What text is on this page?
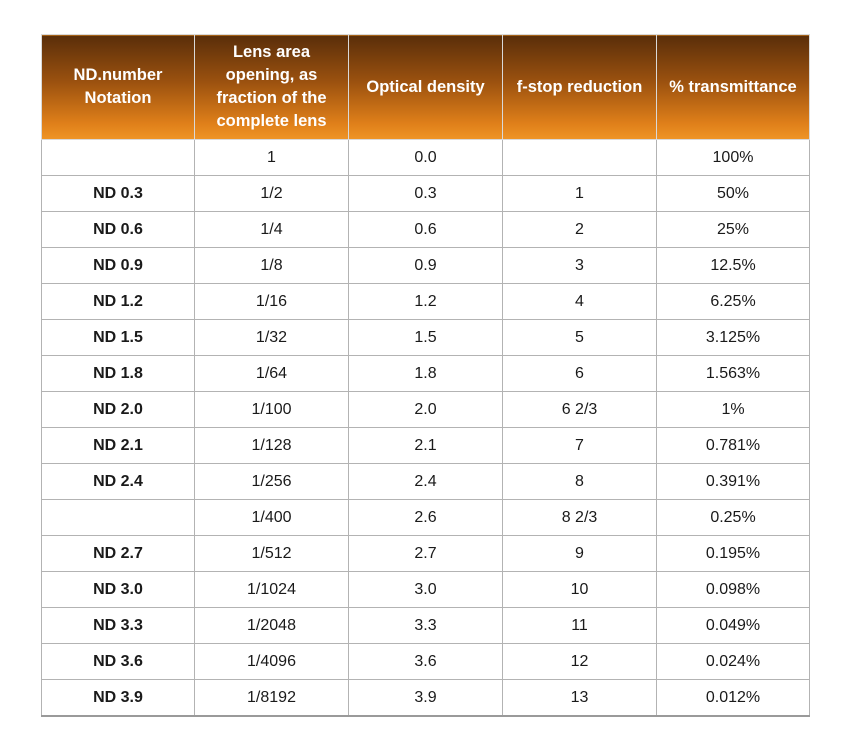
ND.number Notation	Lens area opening, as fraction of the complete lens	Optical density	f-stop reduction	% transmittance
	1	0.0		100%
ND 0.3	1/2	0.3	1	50%
ND 0.6	1/4	0.6	2	25%
ND 0.9	1/8	0.9	3	12.5%
ND 1.2	1/16	1.2	4	6.25%
ND 1.5	1/32	1.5	5	3.125%
ND 1.8	1/64	1.8	6	1.563%
ND 2.0	1/100	2.0	6 2/3	1%
ND 2.1	1/128	2.1	7	0.781%
ND 2.4	1/256	2.4	8	0.391%
	1/400	2.6	8 2/3	0.25%
ND 2.7	1/512	2.7	9	0.195%
ND 3.0	1/1024	3.0	10	0.098%
ND 3.3	1/2048	3.3	11	0.049%
ND 3.6	1/4096	3.6	12	0.024%
ND 3.9	1/8192	3.9	13	0.012%
